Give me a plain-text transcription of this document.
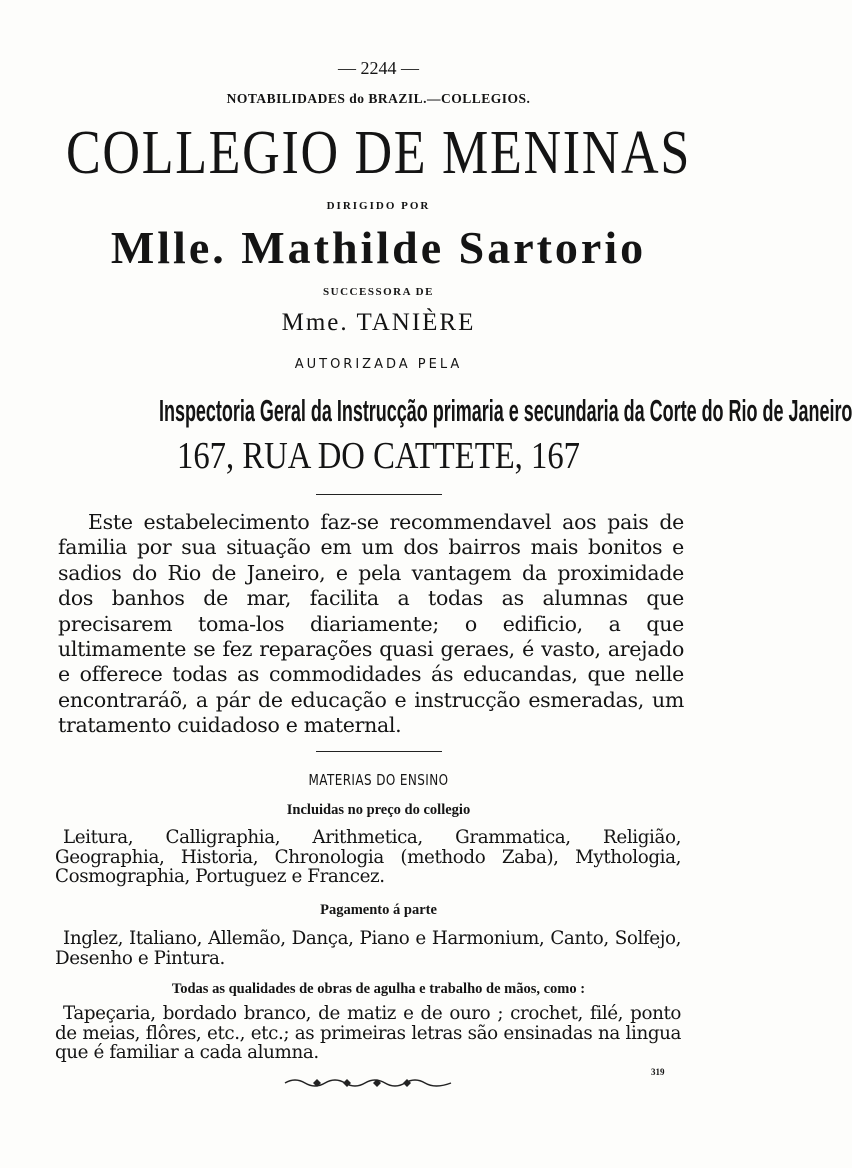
— 2244 —
NOTABILIDADES do BRAZIL.—COLLEGIOS.
COLLEGIO DE MENINAS
DIRIGIDO POR
Mlle. Mathilde Sartorio
SUCCESSORA DE
Mme. TANIÈRE
AUTORIZADA PELA
Inspectoria Geral da Instrucção primaria e secundaria da Corte do Rio de Janeiro
167, RUA DO CATTETE, 167
Este estabelecimento faz-se recommendavel aos pais de familia por sua situação em um dos bairros mais bonitos e sadios do Rio de Janeiro, e pela vantagem da proximidade dos banhos de mar, facilita a todas as alumnas que precisarem toma-los diariamente; o edificio, a que ultimamente se fez reparações quasi geraes, é vasto, arejado e offerece todas as commodidades ás educandas, que nelle encontraráõ, a pár de educação e instrucção esmeradas, um tratamento cuidadoso e maternal.
MATERIAS DO ENSINO
Incluidas no preço do collegio
Leitura, Calligraphia, Arithmetica, Grammatica, Religião, Geographia, Historia, Chronologia (methodo Zaba), Mythologia, Cosmographia, Portuguez e Francez.
Pagamento á parte
Inglez, Italiano, Allemão, Dança, Piano e Harmonium, Canto, Solfejo, Desenho e Pintura.
Todas as qualidades de obras de agulha e trabalho de mãos, como :
Tapeçaria, bordado branco, de matiz e de ouro ; crochet, filé, ponto de meias, flôres, etc., etc.; as primeiras letras são ensinadas na lingua que é familiar a cada alumna.
319
